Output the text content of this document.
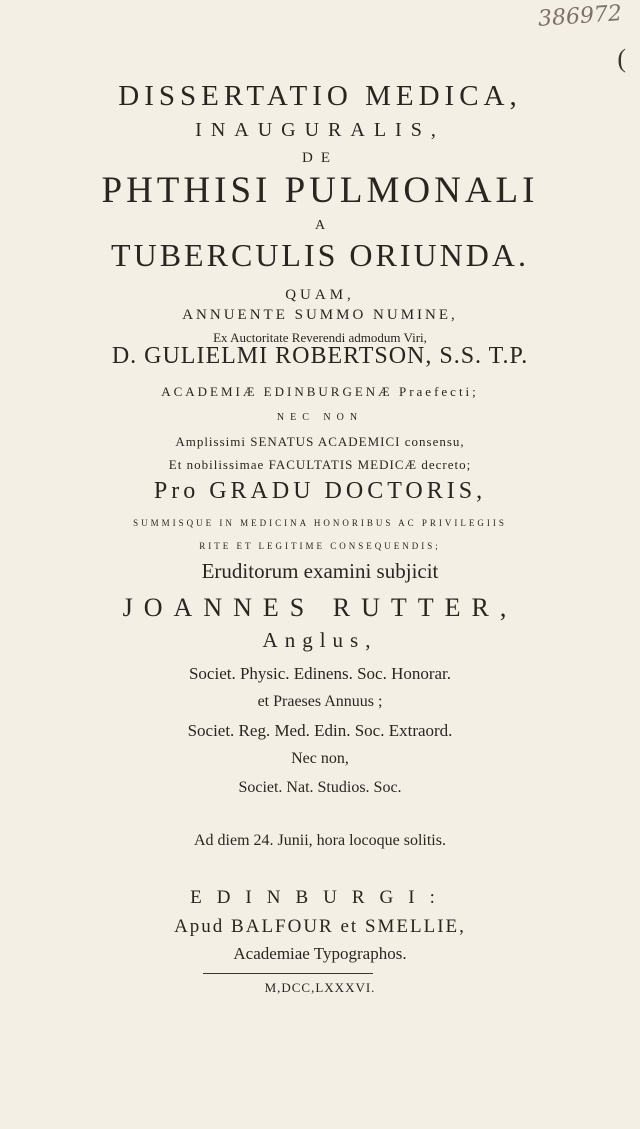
386972
(
DISSERTATIO MEDICA,
INAUGURALIS,
DE
PHTHISI PULMONALI
A
TUBERCULIS ORIUNDA.
QUAM,
ANNUENTE SUMMO NUMINE,
Ex Auctoritate Reverendi admodum Viri,
D. GULIELMI ROBERTSON, S.S. T.P.
ACADEMIÆ EDINBURGENÆ Praefecti;
NEC NON
Amplissimi SENATUS ACADEMICI consensu,
Et nobilissimae FACULTATIS MEDICÆ decreto;
Pro GRADU DOCTORIS,
SUMMISQUE IN MEDICINA HONORIBUS AC PRIVILEGIIS
RITE ET LEGITIME CONSEQUENDIS;
Eruditorum examini subjicit
JOANNES RUTTER,
Anglus,
Societ. Physic. Edinens. Soc. Honorar.
et Praeses Annuus ;
Societ. Reg. Med. Edin. Soc. Extraord.
Nec non,
Societ. Nat. Studios. Soc.
Ad diem 24. Junii, hora locoque solitis.
EDINBURGI:
Apud BALFOUR et SMELLIE,
Academiae Typographos.
M,DCC,LXXXVI.
